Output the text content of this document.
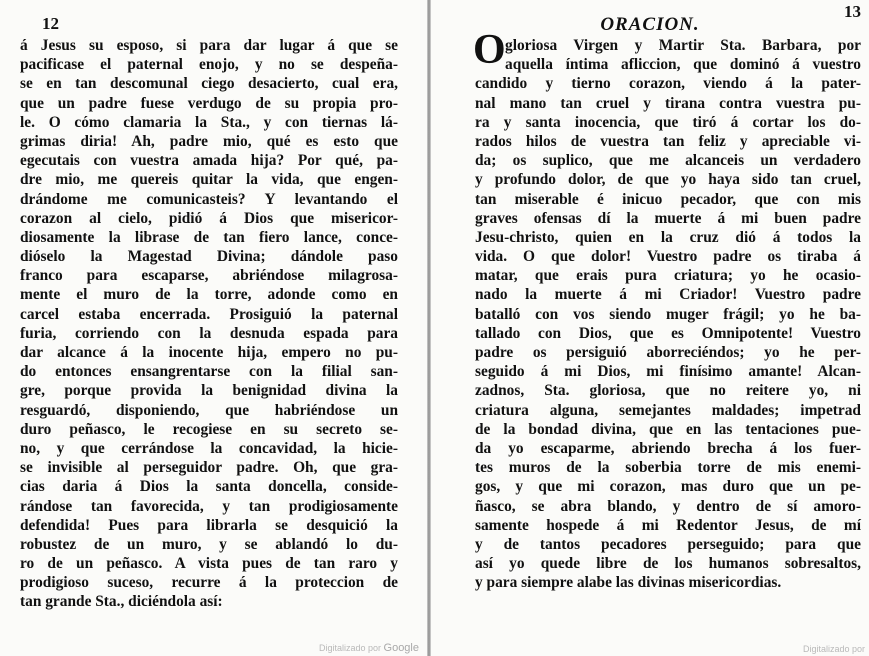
12
á Jesus su esposo, si para dar lugar á que se
pacificase el paternal enojo, y no se despeña-
se en tan descomunal ciego desacierto, cual era,
que un padre fuese verdugo de su propia pro-
le. O cómo clamaria la Sta., y con tiernas lá-
grimas diria! Ah, padre mio, qué es esto que
egecutais con vuestra amada hija? Por qué, pa-
dre mio, me quereis quitar la vida, que engen-
drándome me comunicasteis? Y levantando el
corazon al cielo, pidió á Dios que misericor-
diosamente la librase de tan fiero lance, conce-
dióselo la Magestad Divina; dándole paso
franco para escaparse, abriéndose milagrosa-
mente el muro de la torre, adonde como en
carcel estaba encerrada. Prosiguió la paternal
furia, corriendo con la desnuda espada para
dar alcance á la inocente hija, empero no pu-
do entonces ensangrentarse con la filial san-
gre, porque provida la benignidad divina la
resguardó, disponiendo, que habriéndose un
duro peñasco, le recogiese en su secreto se-
no, y que cerrándose la concavidad, la hicie-
se invisible al perseguidor padre. Oh, que gra-
cias daria á Dios la santa doncella, conside-
rándose tan favorecida, y tan prodigiosamente
defendida! Pues para librarla se desquició la
robustez de un muro, y se ablandó lo du-
ro de un peñasco. A vista pues de tan raro y
prodigioso suceso, recurre á la proteccion de
tan grande Sta., diciéndola así:
Digitalizado por Google
13
ORACION.
O gloriosa Virgen y Martir Sta. Barbara, por
aquella íntima afliccion, que dominó á vuestro
candido y tierno corazon, viendo á la pater-
nal mano tan cruel y tirana contra vuestra pu-
ra y santa inocencia, que tiró á cortar los do-
rados hilos de vuestra tan feliz y apreciable vi-
da; os suplico, que me alcanceis un verdadero
y profundo dolor, de que yo haya sido tan cruel,
tan miserable é inicuo pecador, que con mis
graves ofensas dí la muerte á mi buen padre
Jesu-christo, quien en la cruz dió á todos la
vida. O que dolor! Vuestro padre os tiraba á
matar, que erais pura criatura; yo he ocasio-
nado la muerte á mi Criador! Vuestro padre
batalló con vos siendo muger frágil; yo he ba-
tallado con Dios, que es Omnipotente! Vuestro
padre os persiguió aborreciéndos; yo he per-
seguido á mi Dios, mi finísimo amante! Alcan-
zadnos, Sta. gloriosa, que no reitere yo, ni
criatura alguna, semejantes maldades; impetrad
de la bondad divina, que en las tentaciones pue-
da yo escaparme, abriendo brecha á los fuer-
tes muros de la soberbia torre de mis enemi-
gos, y que mi corazon, mas duro que un pe-
ñasco, se abra blando, y dentro de sí amoro-
samente hospede á mi Redentor Jesus, de mí
y de tantos pecadores perseguido; para que
así yo quede libre de los humanos sobresaltos,
y para siempre alabe las divinas misericordias.
Digitalizado por
